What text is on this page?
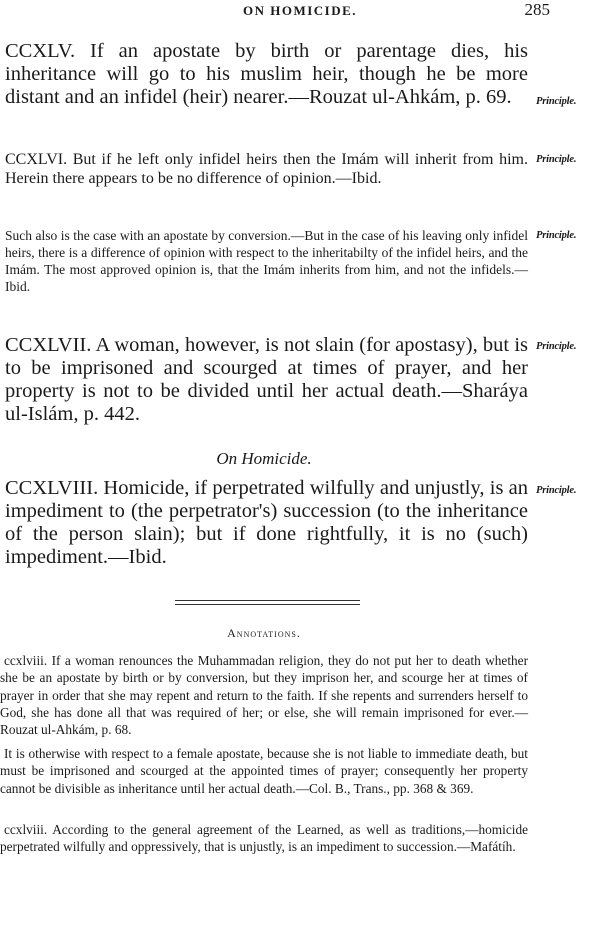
ON HOMICIDE.	285
CCXLV. If an apostate by birth or parentage dies, his inheritance will go to his muslim heir, though he be more distant and an infidel (heir) nearer.—Rouzat ul-Ahkám, p. 69.	Principle.
CCXLVI. But if he left only infidel heirs then the Imám will inherit from him. Herein there appears to be no difference of opinion.—Ibid.
Principle.
Such also is the case with an apostate by conversion.—But in the case of his leaving only infidel heirs, there is a difference of opinion with respect to the inheritabilty of the infidel heirs, and the Imám. The most approved opinion is, that the Imám inherits from him, and not the infidels.—Ibid.
Principle.
CCXLVII. A woman, however, is not slain (for apostasy), but is to be imprisoned and scourged at times of prayer, and her property is not to be divided until her actual death.—Sharáya ul-Islám, p. 442.
Principle.
On Homicide.
CCXLVIII. Homicide, if perpetrated wilfully and unjustly, is an impediment to (the perpetrator's) succession (to the inheritance of the person slain); but if done rightfully, it is no (such) impediment.—Ibid.
Principle.
Annotations.
ccxlviii. If a woman renounces the Muhammadan religion, they do not put her to death whether she be an apostate by birth or by conversion, but they imprison her, and scourge her at times of prayer in order that she may repent and return to the faith. If she repents and surrenders herself to God, she has done all that was required of her; or else, she will remain imprisoned for ever.—Rouzat ul-Ahkám, p. 68.
It is otherwise with respect to a female apostate, because she is not liable to immediate death, but must be imprisoned and scourged at the appointed times of prayer; consequently her property cannot be divisible as inheritance until her actual death.—Col. B., Trans., pp. 368 & 369.
ccxlviii. According to the general agreement of the Learned, as well as traditions,—homicide perpetrated wilfully and oppressively, that is unjustly, is an impediment to succession.—Mafátíh.
